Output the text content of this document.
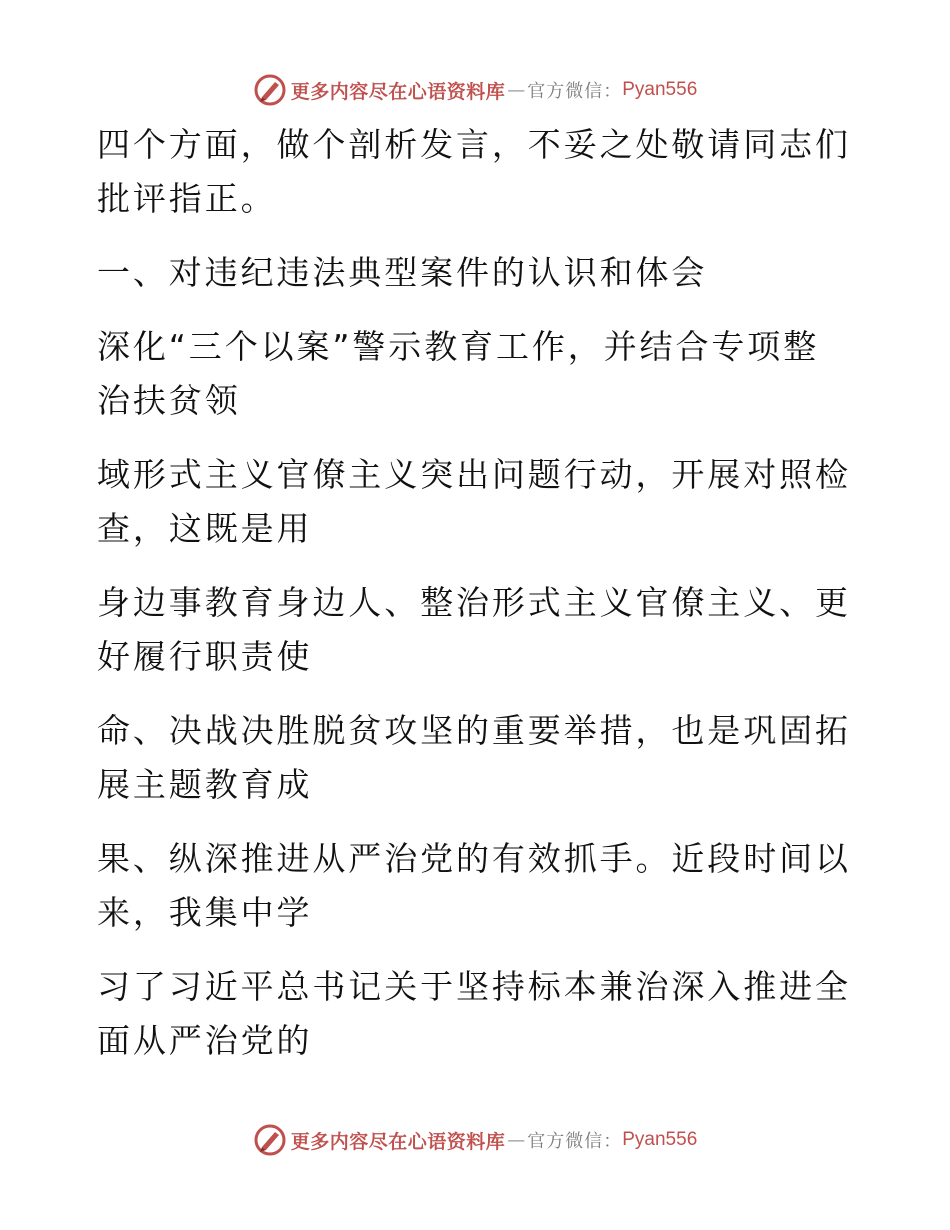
更多内容尽在心语资料库 — 官方微信： Pyan556

四个方面，做个剖析发言，不妥之处敬请同志们
批评指正。

一、对违纪违法典型案件的认识和体会

深化“三个以案”警示教育工作，并结合专项整
治扶贫领

域形式主义官僚主义突出问题行动，开展对照检
查，这既是用

身边事教育身边人、整治形式主义官僚主义、更
好履行职责使

命、决战决胜脱贫攻坚的重要举措，也是巩固拓
展主题教育成

果、纵深推进从严治党的有效抓手。近段时间以
来，我集中学

习了习近平总书记关于坚持标本兼治深入推进全
面从严治党的

更多内容尽在心语资料库 — 官方微信： Pyan556
